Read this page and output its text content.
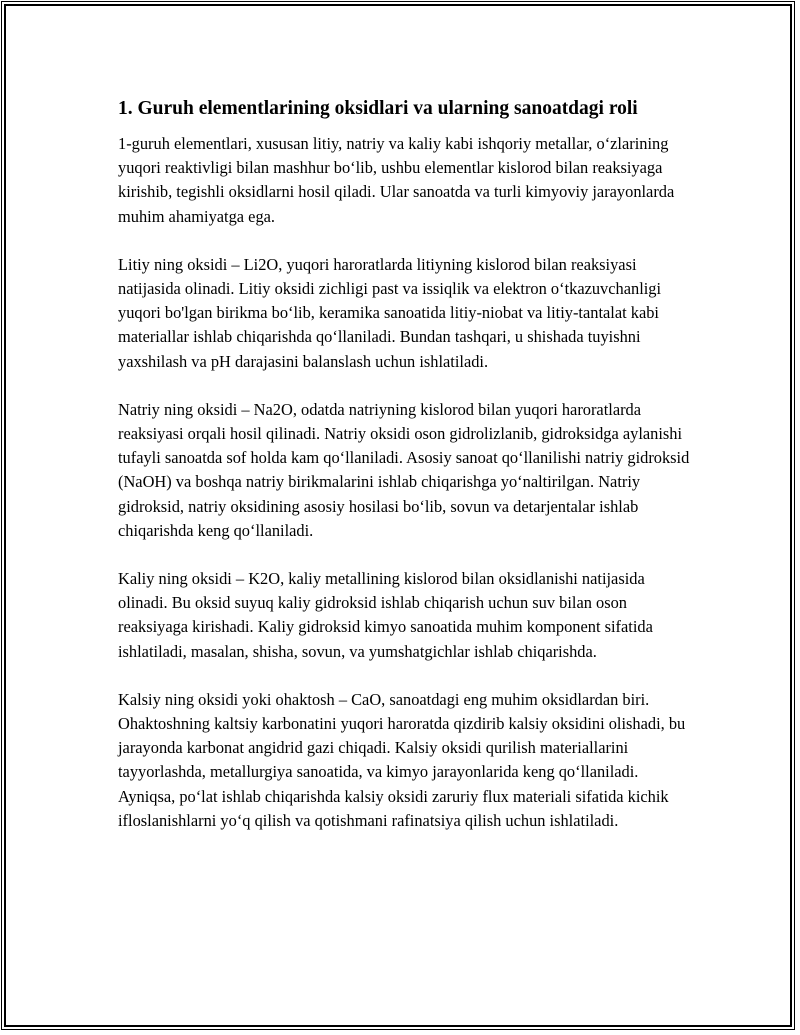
1. Guruh elementlarining oksidlari va ularning sanoatdagi roli

1-guruh elementlari, xususan litiy, natriy va kaliy kabi ishqoriy metallar, o‘zlarining yuqori reaktivligi bilan mashhur bo‘lib, ushbu elementlar kislorod bilan reaksiyaga kirishib, tegishli oksidlarni hosil qiladi. Ular sanoatda va turli kimyoviy jarayonlarda muhim ahamiyatga ega.

Litiy ning oksidi – Li2O, yuqori haroratlarda litiyning kislorod bilan reaksiyasi natijasida olinadi. Litiy oksidi zichligi past va issiqlik va elektron o‘tkazuvchanligi yuqori bo'lgan birikma bo‘lib, keramika sanoatida litiy-niobat va litiy-tantalat kabi materiallar ishlab chiqarishda qo‘llaniladi. Bundan tashqari, u shishada tuyishni yaxshilash va pH darajasini balanslash uchun ishlatiladi.

Natriy ning oksidi – Na2O, odatda natriyning kislorod bilan yuqori haroratlarda reaksiyasi orqali hosil qilinadi. Natriy oksidi oson gidrolizlanib, gidroksidga aylanishi tufayli sanoatda sof holda kam qo‘llaniladi. Asosiy sanoat qo‘llanilishi natriy gidroksid (NaOH) va boshqa natriy birikmalarini ishlab chiqarishga yo‘naltirilgan. Natriy gidroksid, natriy oksidining asosiy hosilasi bo‘lib, sovun va detarjentalar ishlab chiqarishda keng qo‘llaniladi.

Kaliy ning oksidi – K2O, kaliy metallining kislorod bilan oksidlanishi natijasida olinadi. Bu oksid suyuq kaliy gidroksid ishlab chiqarish uchun suv bilan oson reaksiyaga kirishadi. Kaliy gidroksid kimyo sanoatida muhim komponent sifatida ishlatiladi, masalan, shisha, sovun, va yumshatgichlar ishlab chiqarishda.

Kalsiy ning oksidi yoki ohaktosh – CaO, sanoatdagi eng muhim oksidlardan biri. Ohaktoshning kaltsiy karbonatini yuqori haroratda qizdirib kalsiy oksidini olishadi, bu jarayonda karbonat angidrid gazi chiqadi. Kalsiy oksidi qurilish materiallarini tayyorlashda, metallurgiya sanoatida, va kimyo jarayonlarida keng qo‘llaniladi. Ayniqsa, po‘lat ishlab chiqarishda kalsiy oksidi zaruriy flux materiali sifatida kichik ifloslanishlarni yo‘q qilish va qotishmani rafinatsiya qilish uchun ishlatiladi.
